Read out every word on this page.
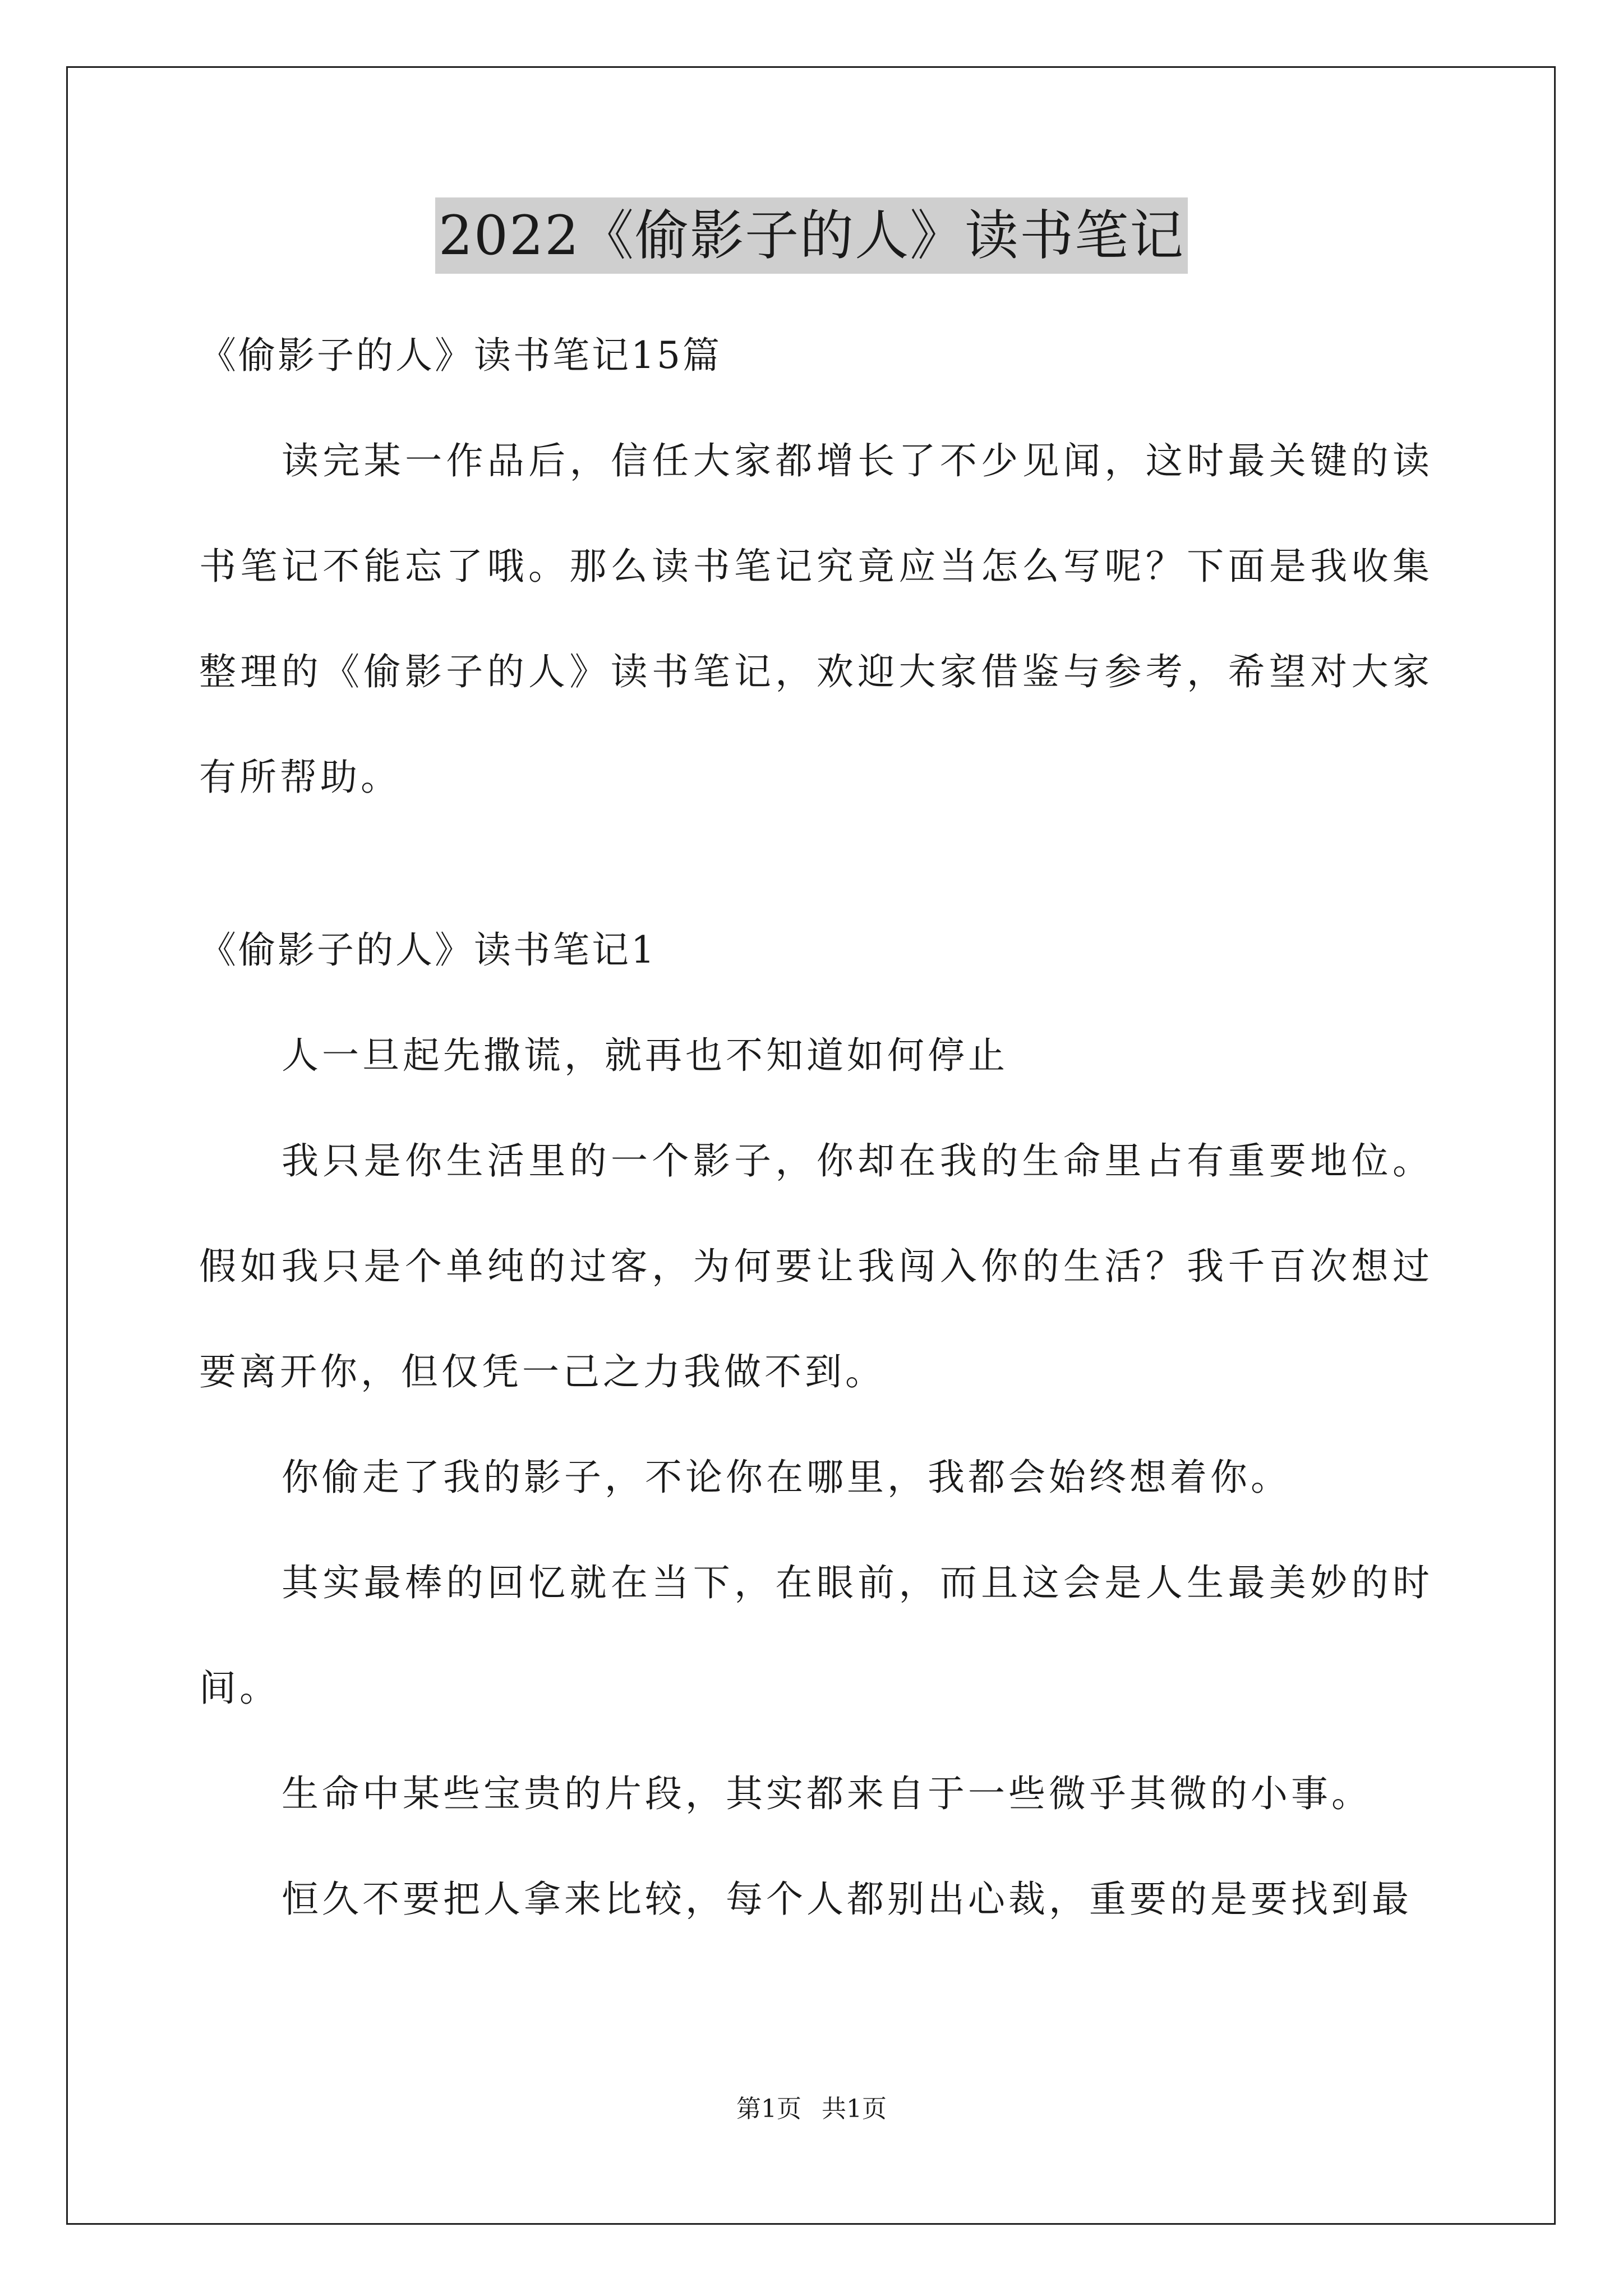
2022《偷影子的人》读书笔记

《偷影子的人》读书笔记15篇

读完某一作品后，信任大家都增长了不少见闻，这时最关键的读书笔记不能忘了哦。那么读书笔记究竟应当怎么写呢？下面是我收集整理的《偷影子的人》读书笔记，欢迎大家借鉴与参考，希望对大家有所帮助。

《偷影子的人》读书笔记1

人一旦起先撒谎，就再也不知道如何停止

我只是你生活里的一个影子，你却在我的生命里占有重要地位。假如我只是个单纯的过客，为何要让我闯入你的生活？我千百次想过要离开你，但仅凭一己之力我做不到。

你偷走了我的影子，不论你在哪里，我都会始终想着你。

其实最棒的回忆就在当下，在眼前，而且这会是人生最美妙的时间。

生命中某些宝贵的片段，其实都来自于一些微乎其微的小事。

恒久不要把人拿来比较，每个人都别出心裁，重要的是要找到最

第1页 共1页
